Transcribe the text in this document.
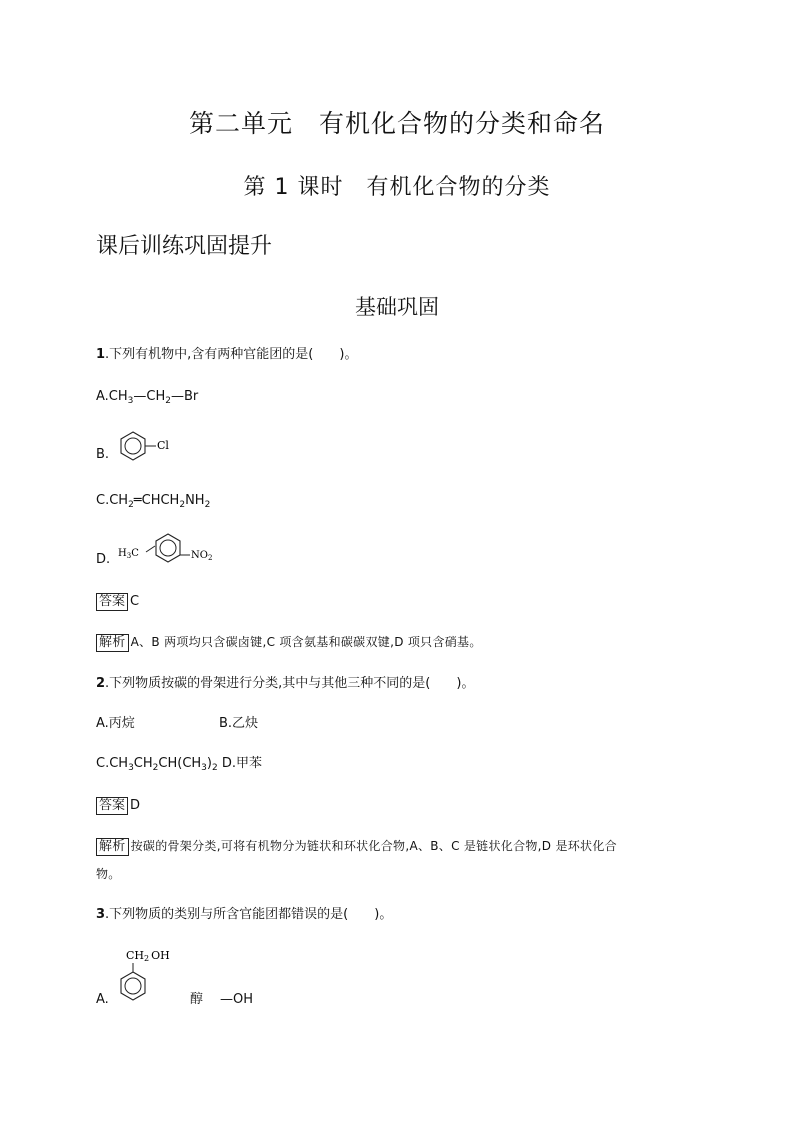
第二单元　有机化合物的分类和命名
第 1 课时　有机化合物的分类
课后训练巩固提升
基础巩固
1.下列有机物中,含有两种官能团的是(　　)。
$A.CH_3—CH_2—Br$
B.
Cl
$C.CH_2═CHCH_2NH_2$
D. $H_3C$	$NO_2$
答案 C
解析 A、B 两项均只含碳卤键,C 项含氨基和碳碳双键,D 项只含硝基。
2.下列物质按碳的骨架进行分类,其中与其他三种不同的是(　　)。
A.丙烷	B.乙炔
$C.CH_3CH_2CH(CH_3)_2$ D.甲苯
答案 D
解析 按碳的骨架分类,可将有机物分为链状和环状化合物,A、B、C 是链状化合物,D 是环状化合
物。
3.下列物质的类别与所含官能团都错误的是(　　)。
CH2 OH
A.	醇 —OH
